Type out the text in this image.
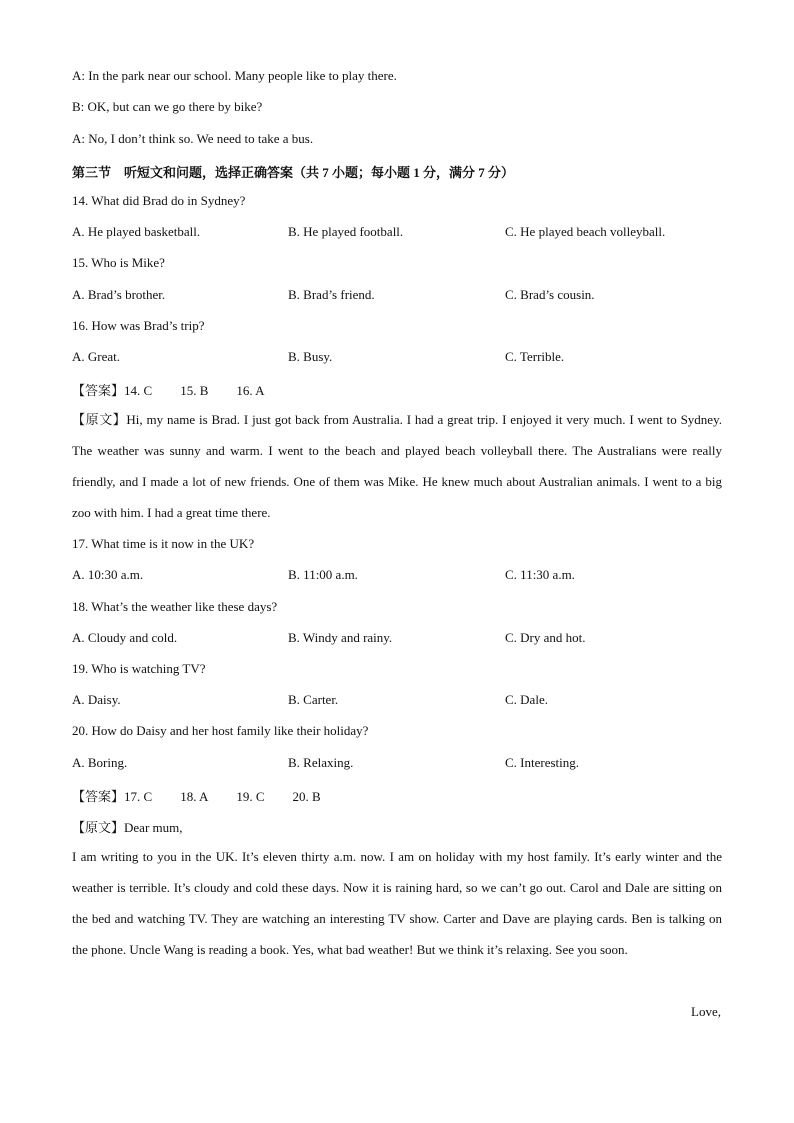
A: In the park near our school. Many people like to play there.
B: OK, but can we go there by bike?
A: No, I don’t think so. We need to take a bus.
第三节　听短文和问题，选择正确答案（共 7 小题；每小题 1 分，满分 7 分）
14. What did Brad do in Sydney?
A. He played basketball.	B. He played football.	C. He played beach volleyball.
15. Who is Mike?
A. Brad’s brother.	B. Brad’s friend.	C. Brad’s cousin.
16. How was Brad’s trip?
A. Great.	B. Busy.	C. Terrible.
【答案】14. C 15. B 16. A
【原文】Hi, my name is Brad. I just got back from Australia. I had a great trip. I enjoyed it very much. I went to Sydney. The weather was sunny and warm. I went to the beach and played beach volleyball there. The Australians were really friendly, and I made a lot of new friends. One of them was Mike. He knew much about Australian animals. I went to a big zoo with him. I had a great time there.
17. What time is it now in the UK?
A. 10:30 a.m.	B. 11:00 a.m.	C. 11:30 a.m.
18. What’s the weather like these days?
A. Cloudy and cold.	B. Windy and rainy.	C. Dry and hot.
19. Who is watching TV?
A. Daisy.	B. Carter.	C. Dale.
20. How do Daisy and her host family like their holiday?
A. Boring.	B. Relaxing.	C. Interesting.
【答案】17. C 18. A 19. C 20. B
【原文】Dear mum,
I am writing to you in the UK. It’s eleven thirty a.m. now. I am on holiday with my host family. It’s early winter and the weather is terrible. It’s cloudy and cold these days. Now it is raining hard, so we can’t go out. Carol and Dale are sitting on the bed and watching TV. They are watching an interesting TV show. Carter and Dave are playing cards. Ben is talking on the phone. Uncle Wang is reading a book. Yes, what bad weather! But we think it’s relaxing. See you soon.
Love,
